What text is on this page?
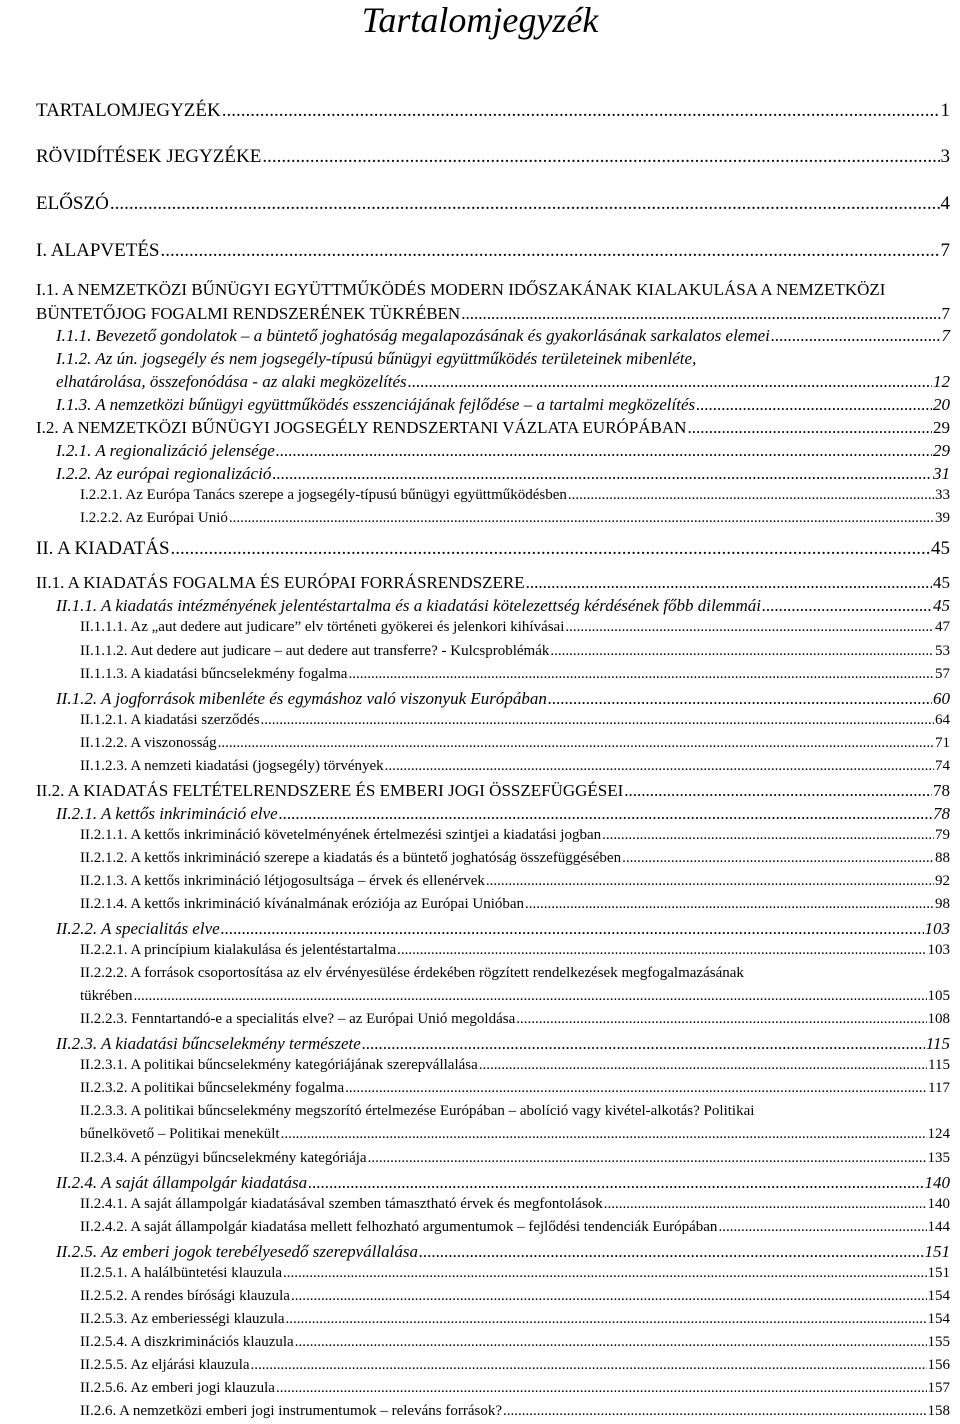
Tartalomjegyzék
TARTALOMJEGYZÉK .....	1
RÖVIDÍTÉSEK JEGYZÉKE .....	3
ELŐSZÓ .....	4
I. ALAPVETÉS .....	7
I.1. A NEMZETKÖZI BŰNÜGYI EGYÜTTMŰKÖDÉS MODERN IDŐSZAKÁNAK KIALAKULÁSA A NEMZETKÖZI
BÜNTETŐJOG FOGALMI RENDSZERÉNEK TÜKRÉBEN .....	7
I.1.1. Bevezető gondolatok – a büntető joghatóság megalapozásának és gyakorlásának sarkalatos elemei .....	7
I.1.2. Az ún. jogsegély és nem jogsegély-típusú bűnügyi együttműködés területeinek mibenléte,
elhatárolása, összefonódása - az alaki megközelítés .....	12
I.1.3. A nemzetközi bűnügyi együttműködés esszenciájának fejlődése – a tartalmi megközelítés .....	20
I.2. A NEMZETKÖZI BŰNÜGYI JOGSEGÉLY RENDSZERTANI VÁZLATA EURÓPÁBAN .....	29
I.2.1. A regionalizáció jelensége .....	29
I.2.2. Az európai regionalizáció .....	31
I.2.2.1. Az Európa Tanács szerepe a jogsegély-típusú bűnügyi együttműködésben .....	33
I.2.2.2. Az Európai Unió .....	39
II. A KIADATÁS .....	45
II.1. A KIADATÁS FOGALMA ÉS EURÓPAI FORRÁSRENDSZERE .....	45
II.1.1. A kiadatás intézményének jelentéstartalma és a kiadatási kötelezettség kérdésének főbb dilemmái .....	45
II.1.1.1. Az „aut dedere aut judicare” elv történeti gyökerei és jelenkori kihívásai .....	47
II.1.1.2. Aut dedere aut judicare – aut dedere aut transferre? - Kulcsproblémák .....	53
II.1.1.3. A kiadatási bűncselekmény fogalma .....	57
II.1.2. A jogforrások mibenléte és egymáshoz való viszonyuk Európában .....	60
II.1.2.1. A kiadatási szerződés .....	64
II.1.2.2. A viszonosság .....	71
II.1.2.3. A nemzeti kiadatási (jogsegély) törvények .....	74
II.2. A KIADATÁS FELTÉTELRENDSZERE ÉS EMBERI JOGI ÖSSZEFÜGGÉSEI .....	78
II.2.1. A kettős inkrimináció elve .....	78
II.2.1.1. A kettős inkrimináció követelményének értelmezési szintjei a kiadatási jogban .....	79
II.2.1.2. A kettős inkrimináció szerepe a kiadatás és a büntető joghatóság összefüggésében .....	88
II.2.1.3. A kettős inkrimináció létjogosultsága – érvek és ellenérvek .....	92
II.2.1.4. A kettős inkrimináció kívánalmának eróziója az Európai Unióban .....	98
II.2.2. A specialitás elve .....	103
II.2.2.1. A princípium kialakulása és jelentéstartalma .....	103
II.2.2.2. A források csoportosítása az elv érvényesülése érdekében rögzített rendelkezések megfogalmazásának
tükrében .....	105
II.2.2.3. Fenntartandó-e a specialitás elve? – az Európai Unió megoldása .....	108
II.2.3. A kiadatási bűncselekmény természete .....	115
II.2.3.1. A politikai bűncselekmény kategóriájának szerepvállalása .....	115
II.2.3.2. A politikai bűncselekmény fogalma .....	117
II.2.3.3. A politikai bűncselekmény megszorító értelmezése Európában – abolíció vagy kivétel-alkotás? Politikai
bűnelkövető – Politikai menekült .....	124
II.2.3.4. A pénzügyi bűncselekmény kategóriája .....	135
II.2.4. A saját állampolgár kiadatása .....	140
II.2.4.1. A saját állampolgár kiadatásával szemben támasztható érvek és megfontolások .....	140
II.2.4.2. A saját állampolgár kiadatása mellett felhozható argumentumok – fejlődési tendenciák Európában .....	144
II.2.5. Az emberi jogok terebélyesedő szerepvállalása .....	151
II.2.5.1. A halálbüntetési klauzula .....	151
II.2.5.2. A rendes bírósági klauzula .....	154
II.2.5.3. Az emberiességi klauzula .....	154
II.2.5.4. A diszkriminációs klauzula .....	155
II.2.5.5. Az eljárási klauzula .....	156
II.2.5.6. Az emberi jogi klauzula .....	157
II.2.6. A nemzetközi emberi jogi instrumentumok – releváns források? .....	158
